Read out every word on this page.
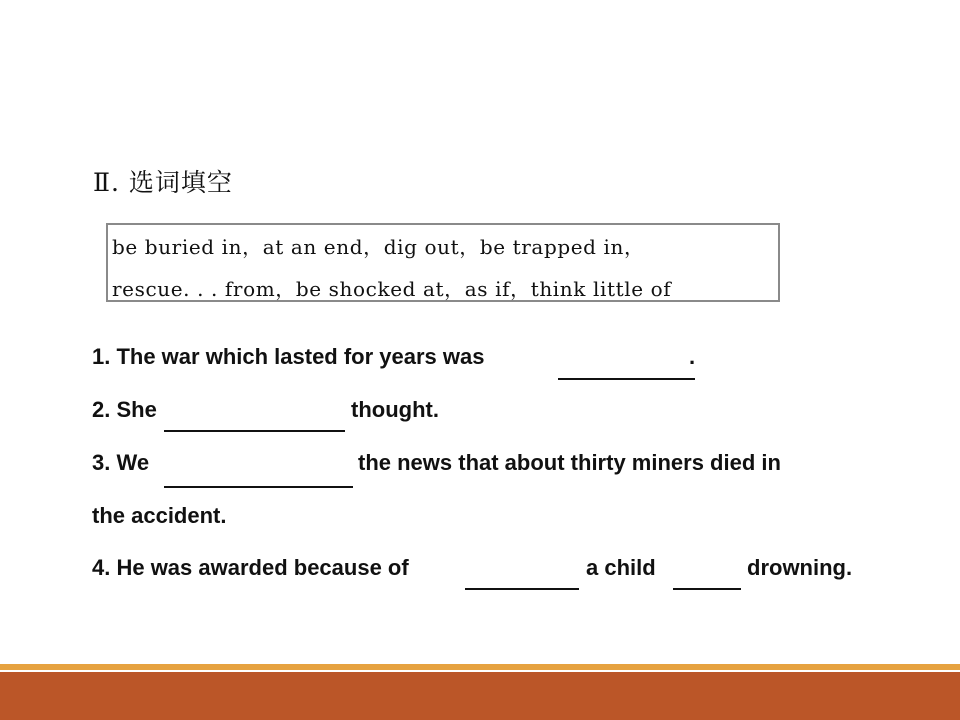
Ⅱ. 选词填空
be buried in，at an end，dig out，be trapped in，
rescue. . . from，be shocked at，as if，think little of
1. The war which lasted for years was	.
2. She	thought.
3. We	the news that about thirty miners died in
the accident.
4. He was awarded because of	a child	drowning.
